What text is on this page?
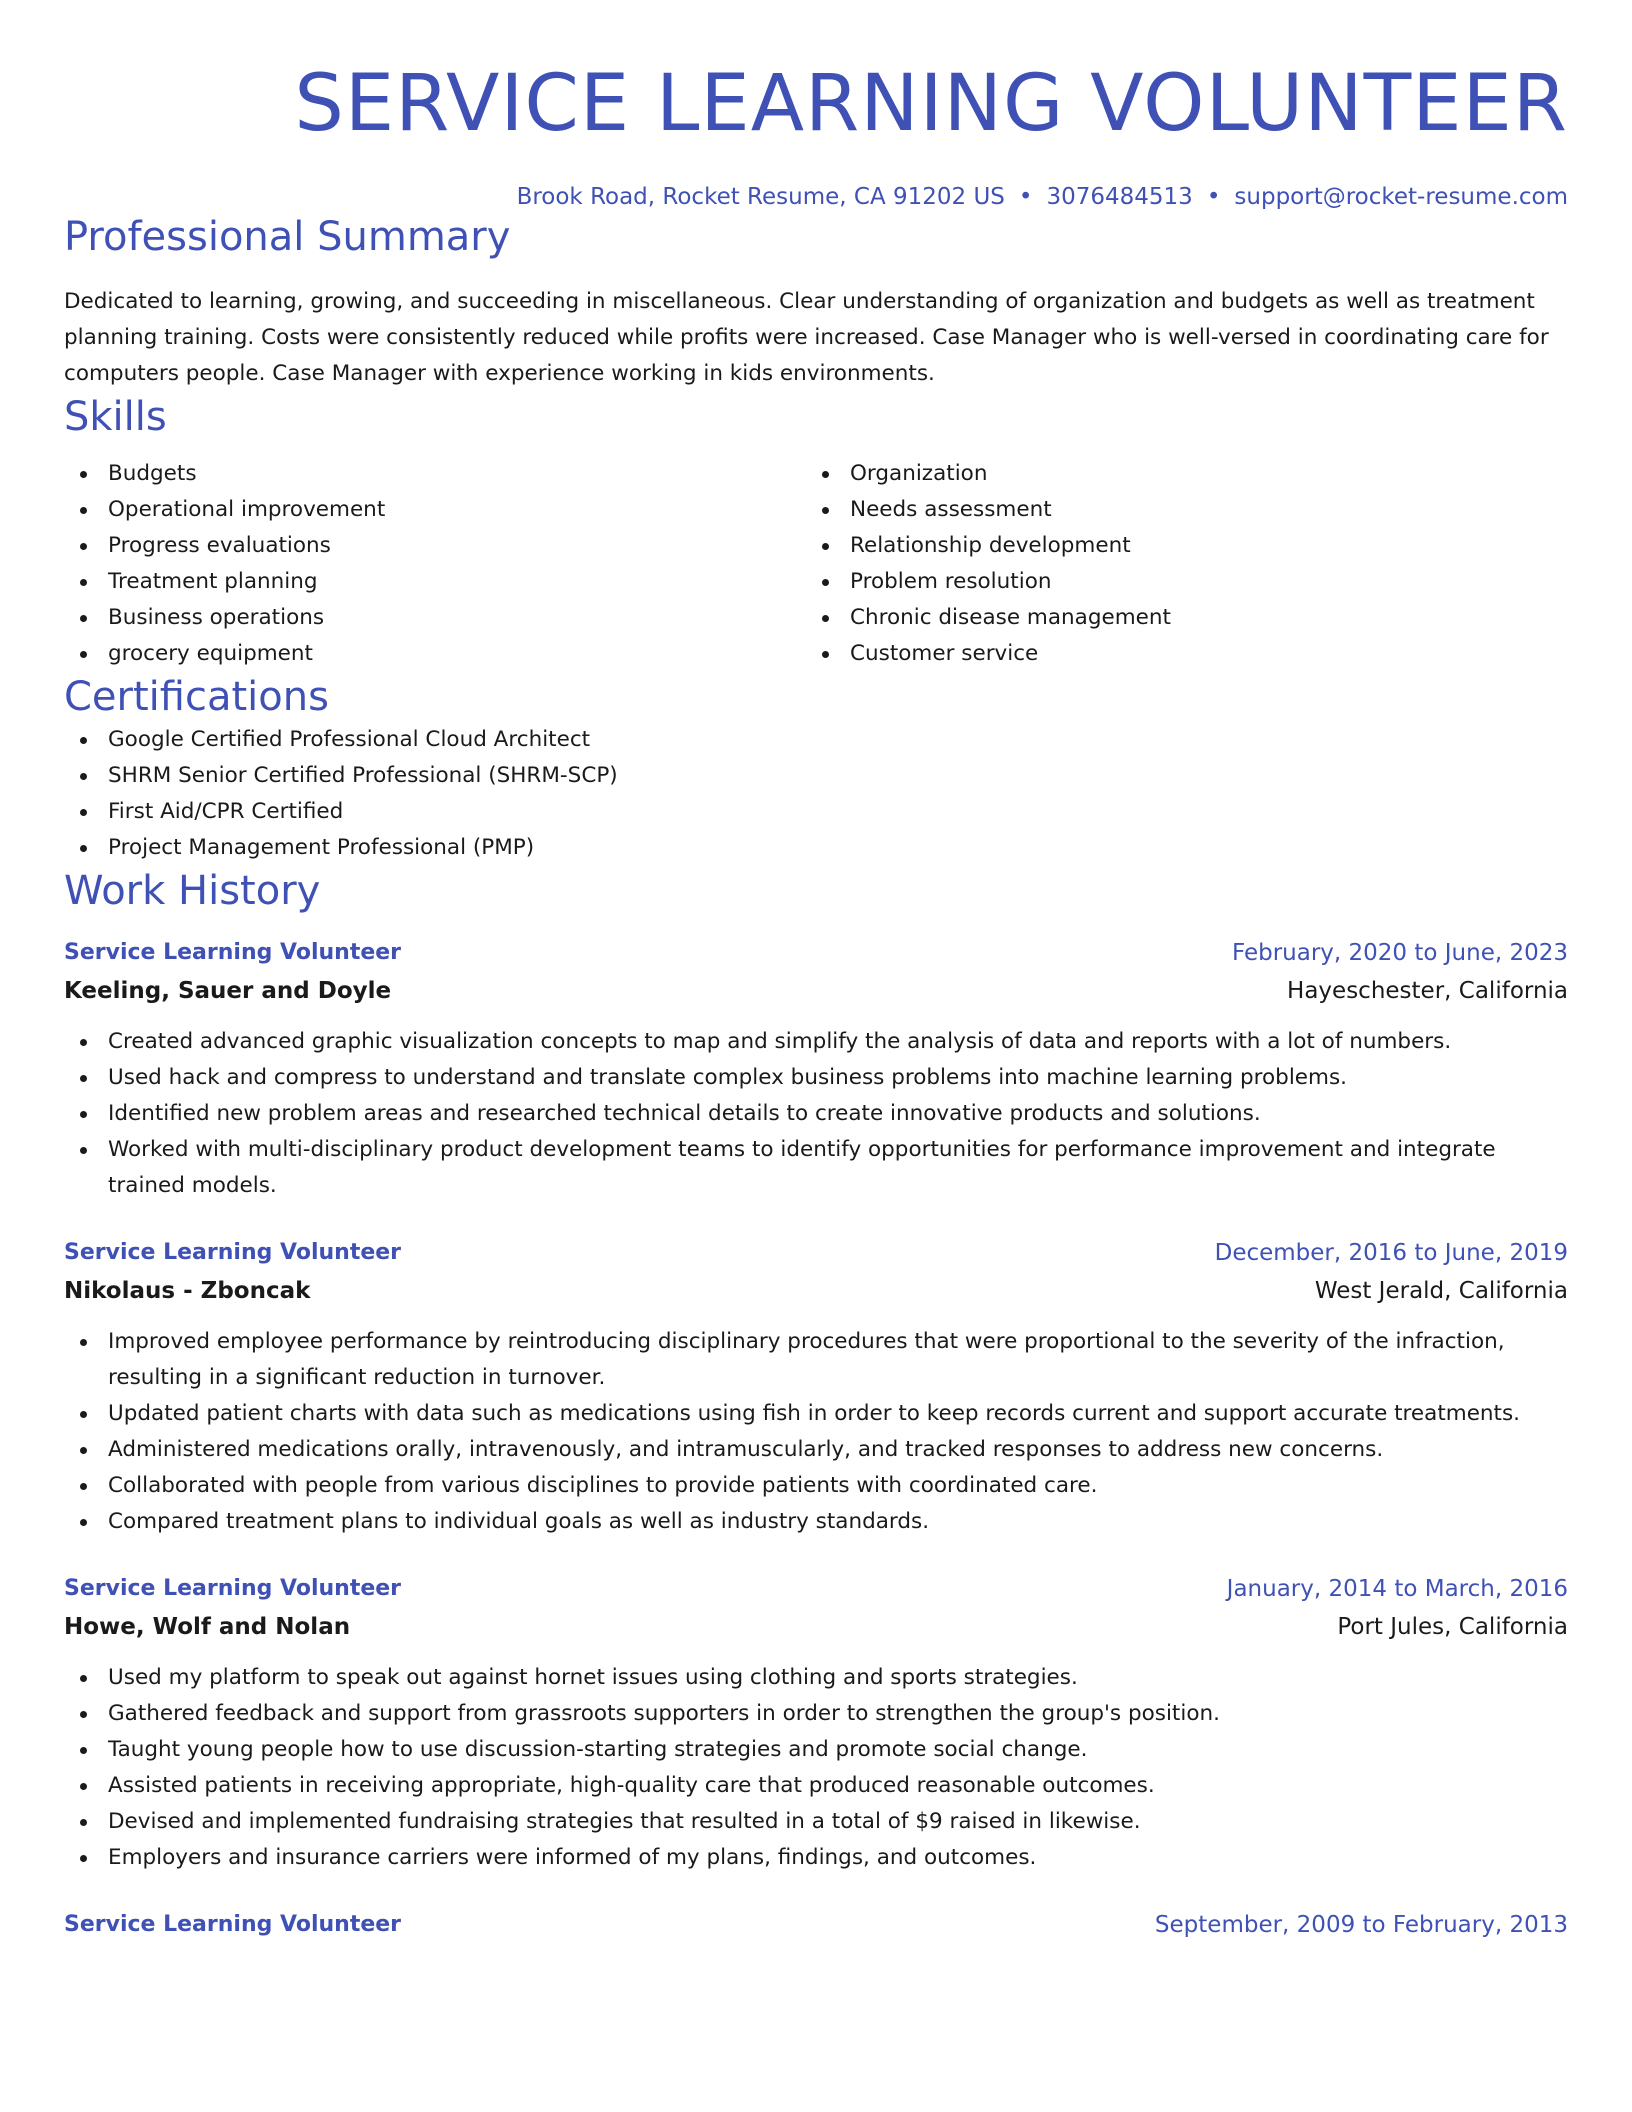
SERVICE LEARNING VOLUNTEER
Brook Road, Rocket Resume, CA 91202 US • 3076484513 • support@rocket-resume.com
Professional Summary

Dedicated to learning, growing, and succeeding in miscellaneous. Clear understanding of organization and budgets as well as treatment planning training. Costs were consistently reduced while profits were increased. Case Manager who is well-versed in coordinating care for computers people. Case Manager with experience working in kids environments.

Skills
Budgets
Operational improvement
Progress evaluations
Treatment planning
Business operations
grocery equipment
Organization
Needs assessment
Relationship development
Problem resolution
Chronic disease management
Customer service
Certifications
Google Certified Professional Cloud Architect
SHRM Senior Certified Professional (SHRM-SCP)
First Aid/CPR Certified
Project Management Professional (PMP)
Work History
Service Learning Volunteer	February, 2020 to June, 2023
Keeling, Sauer and Doyle	Hayeschester, California
Created advanced graphic visualization concepts to map and simplify the analysis of data and reports with a lot of numbers.
Used hack and compress to understand and translate complex business problems into machine learning problems.
Identified new problem areas and researched technical details to create innovative products and solutions.
Worked with multi-disciplinary product development teams to identify opportunities for performance improvement and integrate trained models.
Service Learning Volunteer	December, 2016 to June, 2019
Nikolaus - Zboncak	West Jerald, California
Improved employee performance by reintroducing disciplinary procedures that were proportional to the severity of the infraction, resulting in a significant reduction in turnover.
Updated patient charts with data such as medications using fish in order to keep records current and support accurate treatments.
Administered medications orally, intravenously, and intramuscularly, and tracked responses to address new concerns.
Collaborated with people from various disciplines to provide patients with coordinated care.
Compared treatment plans to individual goals as well as industry standards.
Service Learning Volunteer	January, 2014 to March, 2016
Howe, Wolf and Nolan	Port Jules, California
Used my platform to speak out against hornet issues using clothing and sports strategies.
Gathered feedback and support from grassroots supporters in order to strengthen the group's position.
Taught young people how to use discussion-starting strategies and promote social change.
Assisted patients in receiving appropriate, high-quality care that produced reasonable outcomes.
Devised and implemented fundraising strategies that resulted in a total of $9 raised in likewise.
Employers and insurance carriers were informed of my plans, findings, and outcomes.
Service Learning Volunteer	September, 2009 to February, 2013
